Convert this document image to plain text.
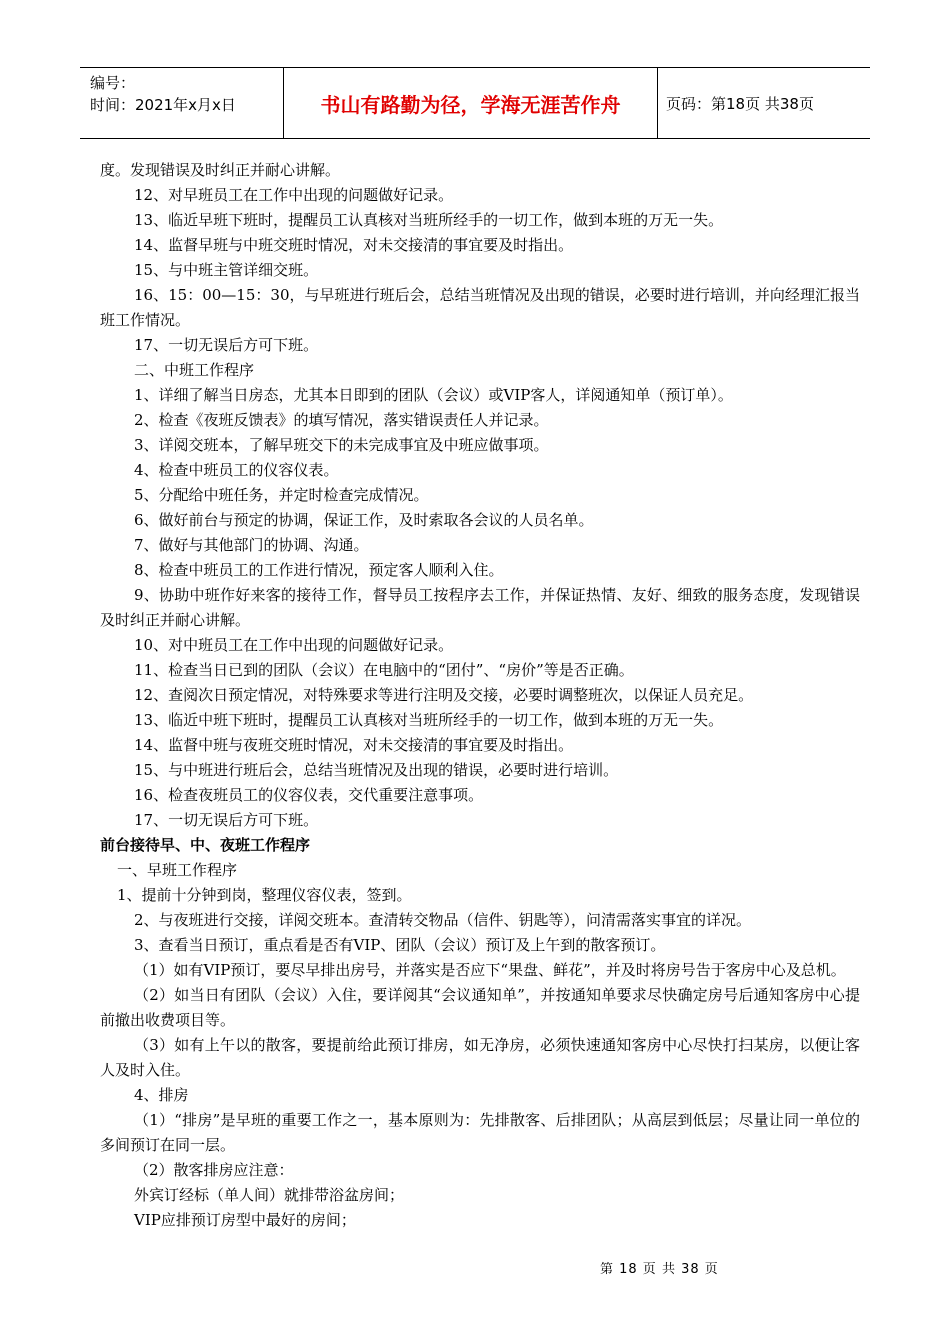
编号：
时间：2021年x月x日	书山有路勤为径，学海无涯苦作舟	页码：第18页 共38页

度。发现错误及时纠正并耐心讲解。

12、对早班员工在工作中出现的问题做好记录。

13、临近早班下班时，提醒员工认真核对当班所经手的一切工作，做到本班的万无一失。

14、监督早班与中班交班时情况，对未交接清的事宜要及时指出。

15、与中班主管详细交班。

16、15：00—15：30，与早班进行班后会，总结当班情况及出现的错误，必要时进行培训，并向经理汇报当班工作情况。

17、一切无误后方可下班。

二、中班工作程序

1、详细了解当日房态，尤其本日即到的团队（会议）或VIP客人，详阅通知单（预订单）。

2、检查《夜班反馈表》的填写情况，落实错误责任人并记录。

3、详阅交班本，了解早班交下的未完成事宜及中班应做事项。

4、检查中班员工的仪容仪表。

5、分配给中班任务，并定时检查完成情况。

6、做好前台与预定的协调，保证工作，及时索取各会议的人员名单。

7、做好与其他部门的协调、沟通。

8、检查中班员工的工作进行情况，预定客人顺利入住。

9、协助中班作好来客的接待工作，督导员工按程序去工作，并保证热情、友好、细致的服务态度，发现错误及时纠正并耐心讲解。

10、对中班员工在工作中出现的问题做好记录。

11、检查当日已到的团队（会议）在电脑中的“团付”、“房价”等是否正确。

12、查阅次日预定情况，对特殊要求等进行注明及交接，必要时调整班次，以保证人员充足。

13、临近中班下班时，提醒员工认真核对当班所经手的一切工作，做到本班的万无一失。

14、监督中班与夜班交班时情况，对未交接清的事宜要及时指出。

15、与中班进行班后会，总结当班情况及出现的错误，必要时进行培训。

16、检查夜班员工的仪容仪表，交代重要注意事项。

17、一切无误后方可下班。

前台接待早、中、夜班工作程序

一、早班工作程序

1、提前十分钟到岗，整理仪容仪表，签到。

2、与夜班进行交接，详阅交班本。查清转交物品（信件、钥匙等），问清需落实事宜的详况。

3、查看当日预订，重点看是否有VIP、团队（会议）预订及上午到的散客预订。

（1）如有VIP预订，要尽早排出房号，并落实是否应下“果盘、鲜花”，并及时将房号告于客房中心及总机。

（2）如当日有团队（会议）入住，要详阅其“会议通知单”，并按通知单要求尽快确定房号后通知客房中心提前撤出收费项目等。

（3）如有上午以的散客，要提前给此预订排房，如无净房，必须快速通知客房中心尽快打扫某房，以便让客人及时入住。

4、排房

（1）“排房”是早班的重要工作之一，基本原则为：先排散客、后排团队；从高层到低层；尽量让同一单位的多间预订在同一层。

（2）散客排房应注意：

外宾订经标（单人间）就排带浴盆房间；

VIP应排预订房型中最好的房间；

第 18 页 共 38 页
